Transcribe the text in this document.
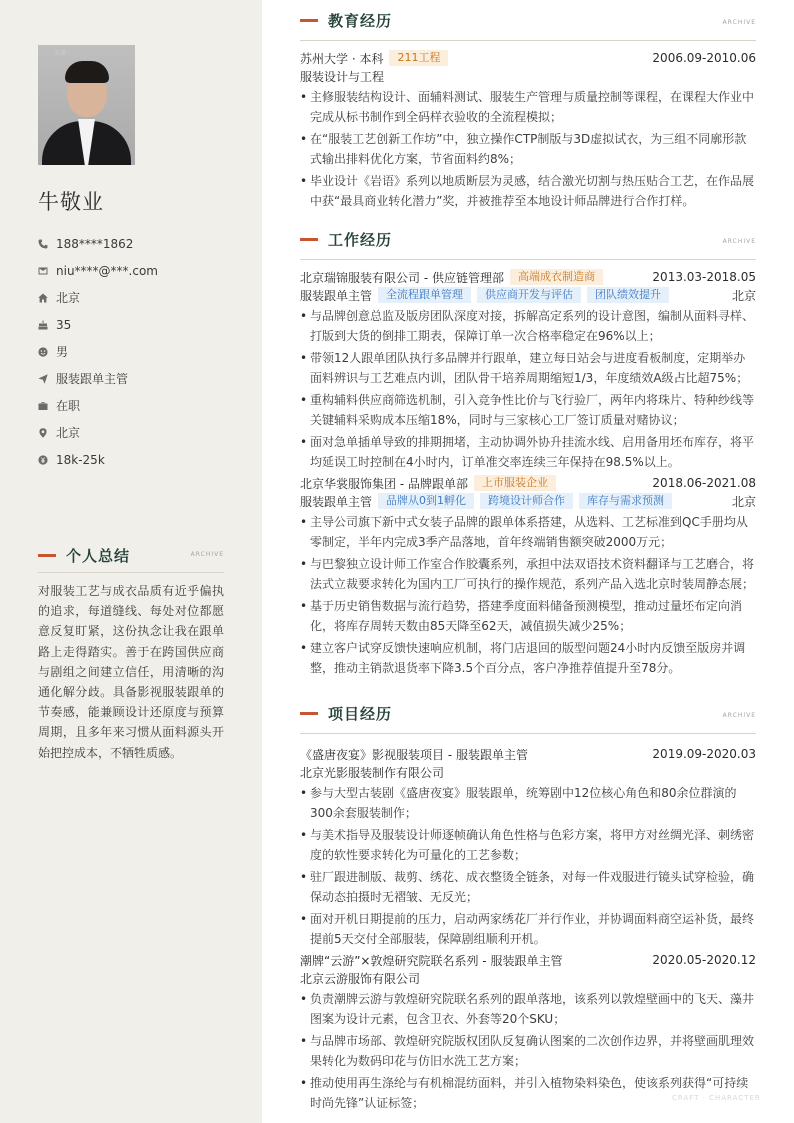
头像
牛敬业
188****1862
niu****@***.com
北京
35
男
服装跟单主管
在职
北京
18k-25k
个人总结	ARCHIVE
对服装工艺与成衣品质有近乎偏执的追求，每道缝线、每处对位都愿意反复盯紧，这份执念让我在跟单路上走得踏实。善于在跨国供应商与剧组之间建立信任，用清晰的沟通化解分歧。具备影视服装跟单的节奏感，能兼顾设计还原度与预算周期，且多年来习惯从面料源头开始把控成本，不牺牲质感。
教育经历	ARCHIVE
苏州大学 · 本科	211工程	2006.09-2010.06
服装设计与工程
• 主修服装结构设计、面辅料测试、服装生产管理与质量控制等课程，在课程大作业中完成从标书制作到全码样衣验收的全流程模拟；
• 在“服装工艺创新工作坊”中，独立操作CTP制版与3D虚拟试衣，为三组不同廓形款式输出排料优化方案，节省面料约8%；
• 毕业设计《岩语》系列以地质断层为灵感，结合激光切割与热压贴合工艺，在作品展中获“最具商业转化潜力”奖，并被推荐至本地设计师品牌进行合作打样。
工作经历	ARCHIVE
北京瑞锦服装有限公司 - 供应链管理部	高端成衣制造商	2013.03-2018.05
服装跟单主管	全流程跟单管理	供应商开发与评估	团队绩效提升	北京
• 与品牌创意总监及版房团队深度对接，拆解高定系列的设计意图，编制从面料寻样、打版到大货的倒排工期表，保障订单一次合格率稳定在96%以上；
• 带领12人跟单团队执行多品牌并行跟单，建立每日站会与进度看板制度，定期举办面料辨识与工艺难点内训，团队骨干培养周期缩短1/3，年度绩效A级占比超75%；
• 重构辅料供应商筛选机制，引入竞争性比价与飞行验厂，两年内将珠片、特种纱线等关键辅料采购成本压缩18%，同时与三家核心工厂签订质量对赌协议；
• 面对急单插单导致的排期拥堵，主动协调外协升挂流水线、启用备用坯布库存，将平均延误工时控制在4小时内，订单准交率连续三年保持在98.5%以上。
北京华裳服饰集团 - 品牌跟单部	上市服装企业	2018.06-2021.08
服装跟单主管	品牌从0到1孵化	跨境设计师合作	库存与需求预测	北京
• 主导公司旗下新中式女装子品牌的跟单体系搭建，从选料、工艺标准到QC手册均从零制定，半年内完成3季产品落地，首年终端销售额突破2000万元；
• 与巴黎独立设计师工作室合作胶囊系列，承担中法双语技术资料翻译与工艺磨合，将法式立裁要求转化为国内工厂可执行的操作规范，系列产品入选北京时装周静态展；
• 基于历史销售数据与流行趋势，搭建季度面料储备预测模型，推动过量坯布定向消化，将库存周转天数由85天降至62天，减值损失减少25%；
• 建立客户试穿反馈快速响应机制，将门店退回的版型问题24小时内反馈至版房并调整，推动主销款退货率下降3.5个百分点，客户净推荐值提升至78分。
项目经历	ARCHIVE
《盛唐夜宴》影视服装项目 - 服装跟单主管	2019.09-2020.03
北京光影服装制作有限公司
• 参与大型古装剧《盛唐夜宴》服装跟单，统筹剧中12位核心角色和80余位群演的300余套服装制作；
• 与美术指导及服装设计师逐帧确认角色性格与色彩方案，将甲方对丝绸光泽、刺绣密度的软性要求转化为可量化的工艺参数；
• 驻厂跟进制版、裁剪、绣花、成衣整烫全链条，对每一件戏服进行镜头试穿检验，确保动态拍摄时无褶皱、无反光；
• 面对开机日期提前的压力，启动两家绣花厂并行作业，并协调面料商空运补货，最终提前5天交付全部服装，保障剧组顺利开机。
潮牌“云游”×敦煌研究院联名系列 - 服装跟单主管	2020.05-2020.12
北京云游服饰有限公司
• 负责潮牌云游与敦煌研究院联名系列的跟单落地，该系列以敦煌壁画中的飞天、藻井图案为设计元素，包含卫衣、外套等20个SKU；
• 与品牌市场部、敦煌研究院版权团队反复确认图案的二次创作边界，并将壁画肌理效果转化为数码印花与仿旧水洗工艺方案；
• 推动使用再生涤纶与有机棉混纺面料，并引入植物染料染色，使该系列获得“可持续时尚先锋”认证标签；	CRAFT · CHARACTER
